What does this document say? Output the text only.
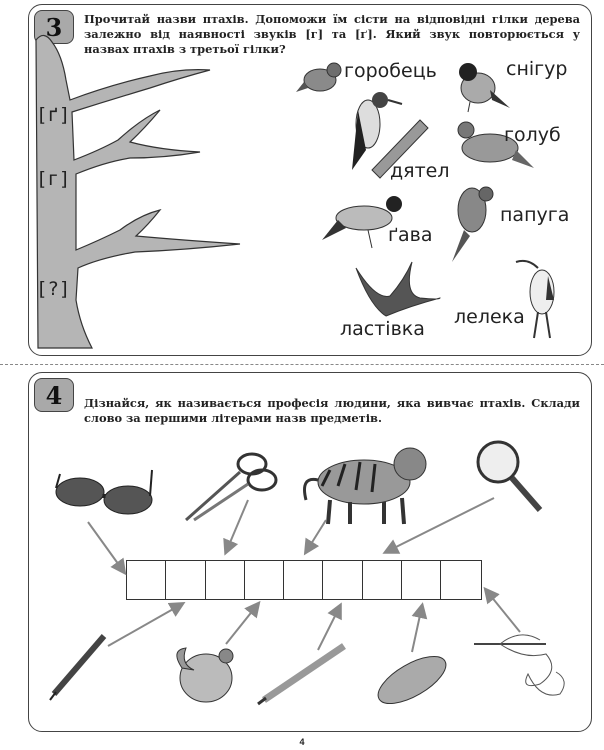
3	Прочитай назви птахів. Допоможи їм сісти на відповідні гілки дерева залежно від наявності звуків [г] та [ґ]. Який звук повторюється у назвах птахів з третьої гілки?
[ґ]
[г]
[?]
горобець	снігур
голуб
дятел
ґава
папуга
ластівка
лелека
4	Дізнайся, як називається професія людини, яка вивчає птахів. Склади слово за першими літерами назв предметів.
4
